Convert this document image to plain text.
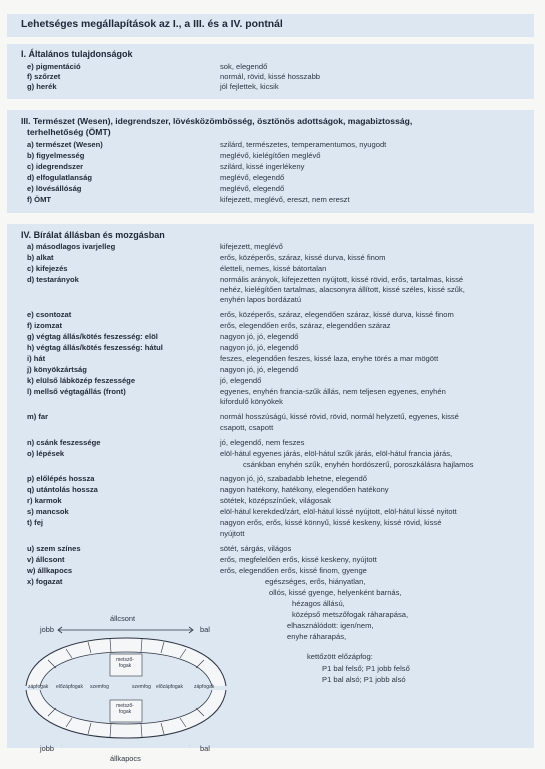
Lehetséges megállapítások az I., a III. és a IV. pontnál
I. Általános tulajdonságok
e) pigmentáció	sok, elegendő
f) szőrzet	normál, rövid, kissé hosszabb
g) herék	jól fejlettek, kicsik
III. Természet (Wesen), idegrendszer, lövésközömbösség, ösztönös adottságok, magabiztosság,
terhelhetőség (ÖMT)
a) természet (Wesen)	szilárd, természetes, temperamentumos, nyugodt
b) figyelmesség	meglévő, kielégítően meglévő
c) idegrendszer	szilárd, kissé ingerlékeny
d) elfogulatlanság	meglévő, elegendő
e) lövésállóság	meglévő, elegendő
f) ÖMT	kifejezett, meglévő, ereszt, nem ereszt
IV. Bírálat állásban és mozgásban
a) másodlagos ivarjelleg	kifejezett, meglévő
b) alkat	erős, középerős, száraz, kissé durva, kissé finom
c) kifejezés	életteli, nemes, kissé bátortalan
d) testarányok	normális arányok, kifejezetten nyújtott, kissé rövid, erős, tartalmas, kissé
nehéz, kielégítően tartalmas, alacsonyra állított, kissé széles, kissé szűk,
enyhén lapos bordázatú
e) csontozat	erős, középerős, száraz, elegendően száraz, kissé durva, kissé finom
f) izomzat	erős, elegendően erős, száraz, elegendően száraz
g) végtag állás/kötés feszesség: elöl	nagyon jó, jó, elegendő
h) végtag állás/kötés feszesség: hátul	nagyon jó, jó, elegendő
i) hát	feszes, elegendően feszes, kissé laza, enyhe törés a mar mögött
j) könyökzártság	nagyon jó, jó, elegendő
k) elülső lábközép feszessége	jó, elegendő
l) mellső végtagállás (front)	egyenes, enyhén francia-szűk állás, nem teljesen egyenes, enyhén
kifordulő könyökek
m) far	normál hosszúságú, kissé rövid, rövid, normál helyzetű, egyenes, kissé
csapott, csapott
n) csánk feszessége	jó, elegendő, nem feszes
o) lépések	elöl-hátul egyenes járás, elöl-hátul szűk járás, elöl-hátul francia járás,
csánkban enyhén szűk, enyhén hordószerű, poroszkálásra hajlamos
p) előlépés hossza	nagyon jó, jó, szabadabb lehetne, elegendő
q) utántolás hossza	nagyon hatékony, hatékony, elegendően hatékony
r) karmok	sötétek, középszínűek, világosak
s) mancsok	elöl-hátul kerekded/zárt, elöl-hátul kissé nyújtott, elöl-hátul kissé nyitott
t) fej	nagyon erős, erős, kissé könnyű, kissé keskeny, kissé rövid, kissé
nyújtott
u) szem színes	sötét, sárgás, világos
v) állcsont	erős, megfelelően erős, kissé keskeny, nyújtott
w) állkapocs	erős, elegendően erős, kissé finom, gyenge
x) fogazat	egészséges, erős, hiányatlan,
ollós, kissé gyenge, helyenként barnás,
hézagos állású,
középső metszőfogak ráharapása,
elhasználódott: igen/nem,
enyhe ráharapás,
kettőzött előzápfog:
P1 bal felső; P1 jobb felső
P1 bal alsó; P1 jobb alsó
állcsont
jobb	bal
jobb	bal
állkapocs
metsző-fogak
metsző-fogak
zápfogak előzápfogak	előzápfogak zápfogak
szemfog	szemfog
